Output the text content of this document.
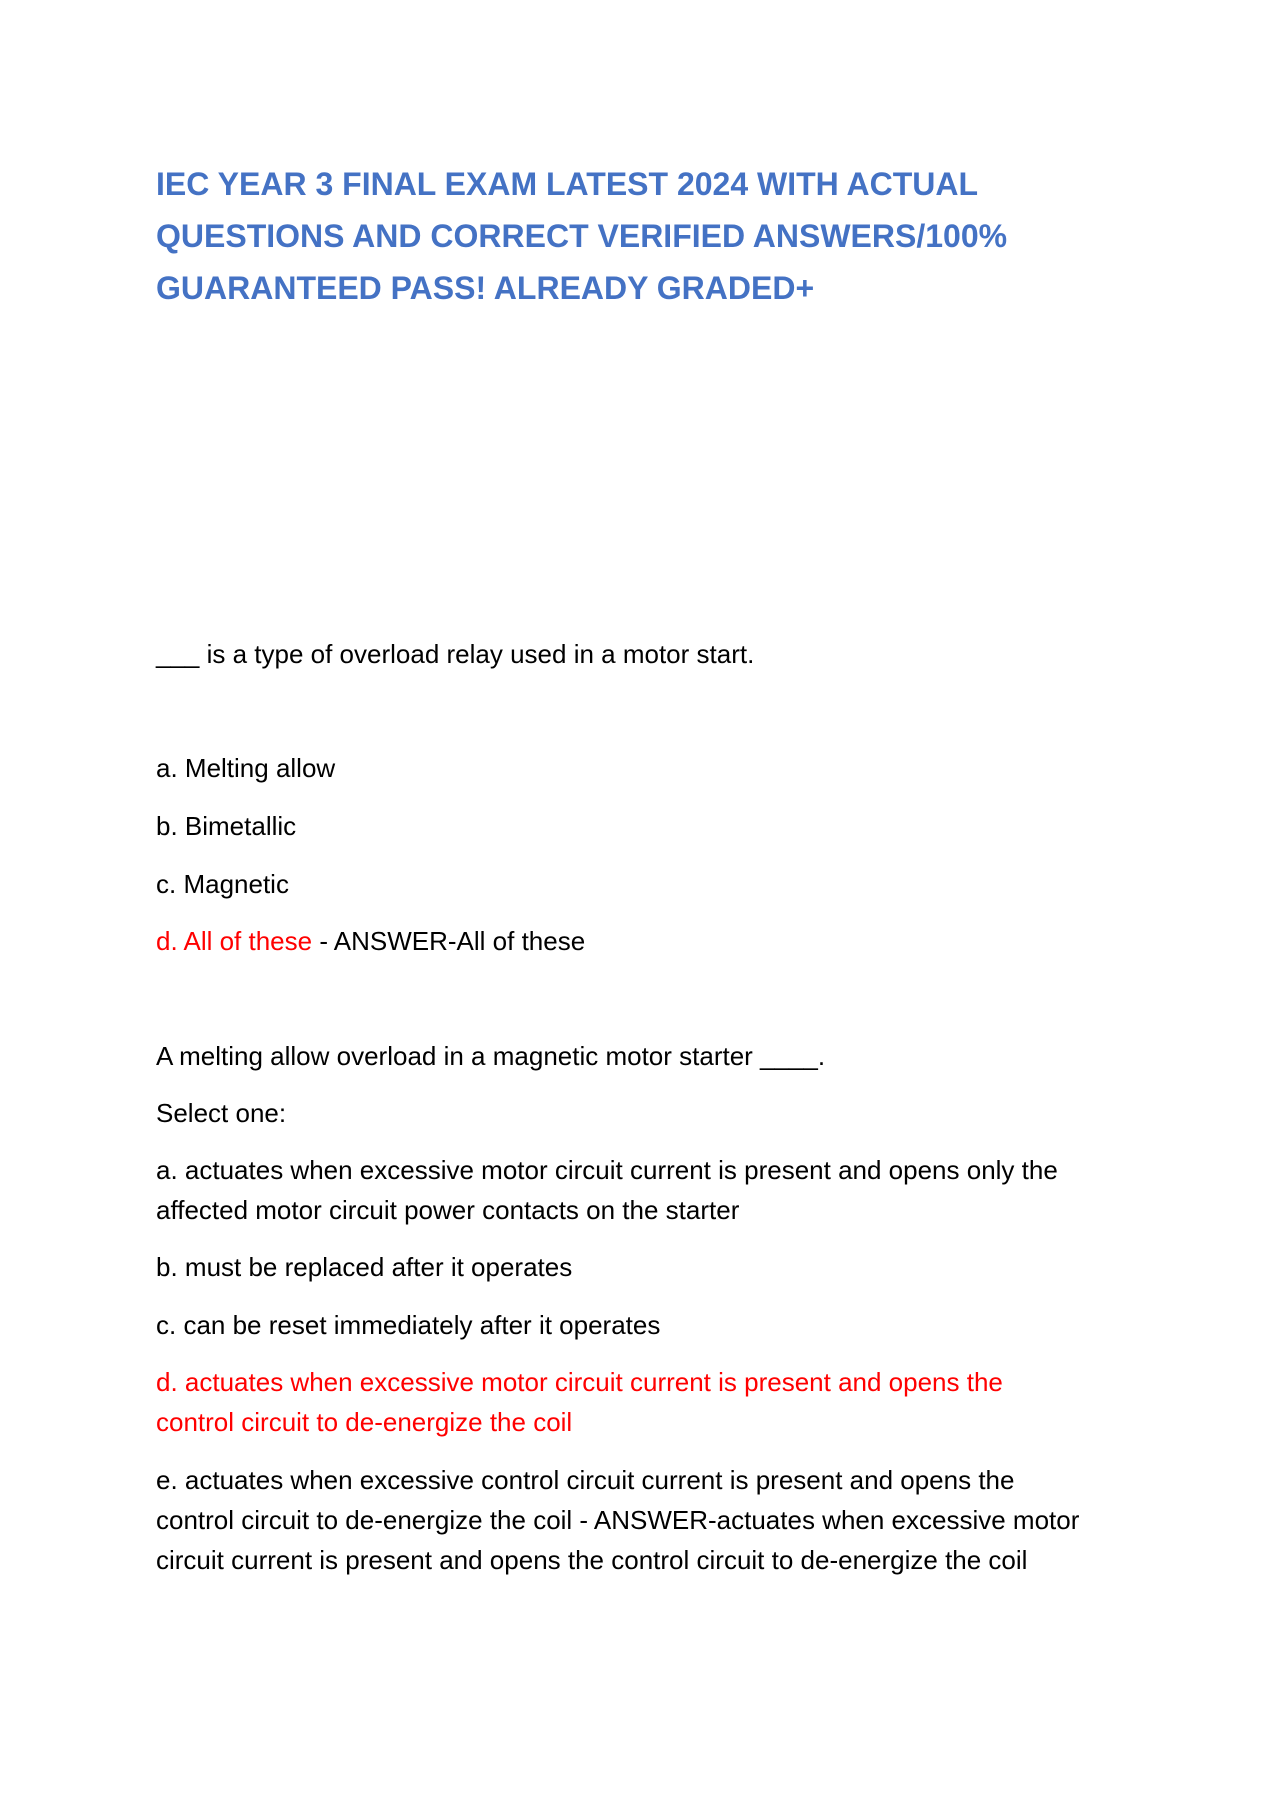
IEC YEAR 3 FINAL EXAM LATEST 2024 WITH ACTUAL
QUESTIONS AND CORRECT VERIFIED ANSWERS/100%
GUARANTEED PASS! ALREADY GRADED+
___ is a type of overload relay used in a motor start.
a. Melting allow
b. Bimetallic
c. Magnetic
d. All of these - ANSWER-All of these
A melting allow overload in a magnetic motor starter ____.
Select one:
a. actuates when excessive motor circuit current is present and opens only the
affected motor circuit power contacts on the starter
b. must be replaced after it operates
c. can be reset immediately after it operates
d. actuates when excessive motor circuit current is present and opens the
control circuit to de-energize the coil
e. actuates when excessive control circuit current is present and opens the
control circuit to de-energize the coil - ANSWER-actuates when excessive motor
circuit current is present and opens the control circuit to de-energize the coil
